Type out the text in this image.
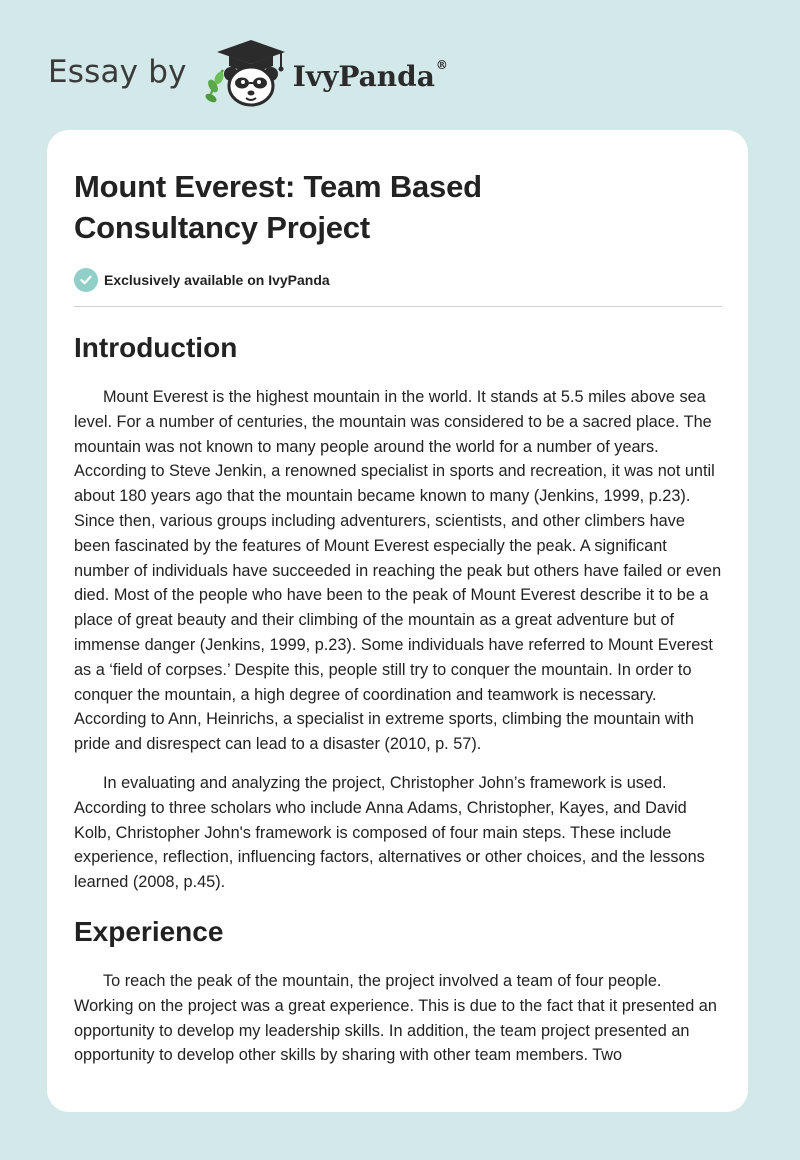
Essay by	IvyPanda®
Mount Everest: Team Based
Consultancy Project
Exclusively available on IvyPanda
Introduction

Mount Everest is the highest mountain in the world. It stands at 5.5 miles above sea level. For a number of centuries, the mountain was considered to be a sacred place. The mountain was not known to many people around the world for a number of years. According to Steve Jenkin, a renowned specialist in sports and recreation, it was not until about 180 years ago that the mountain became known to many (Jenkins, 1999, p.23). Since then, various groups including adventurers, scientists, and other climbers have been fascinated by the features of Mount Everest especially the peak. A significant number of individuals have succeeded in reaching the peak but others have failed or even died. Most of the people who have been to the peak of Mount Everest describe it to be a place of great beauty and their climbing of the mountain as a great adventure but of immense danger (Jenkins, 1999, p.23). Some individuals have referred to Mount Everest as a ‘field of corpses.’ Despite this, people still try to conquer the mountain. In order to conquer the mountain, a high degree of coordination and teamwork is necessary. According to Ann, Heinrichs, a specialist in extreme sports, climbing the mountain with pride and disrespect can lead to a disaster (2010, p. 57).

In evaluating and analyzing the project, Christopher John’s framework is used. According to three scholars who include Anna Adams, Christopher, Kayes, and David Kolb, Christopher John's framework is composed of four main steps. These include experience, reflection, influencing factors, alternatives or other choices, and the lessons learned (2008, p.45).

Experience

To reach the peak of the mountain, the project involved a team of four people. Working on the project was a great experience. This is due to the fact that it presented an opportunity to develop my leadership skills. In addition, the team project presented an opportunity to develop other skills by sharing with other team members. Two
